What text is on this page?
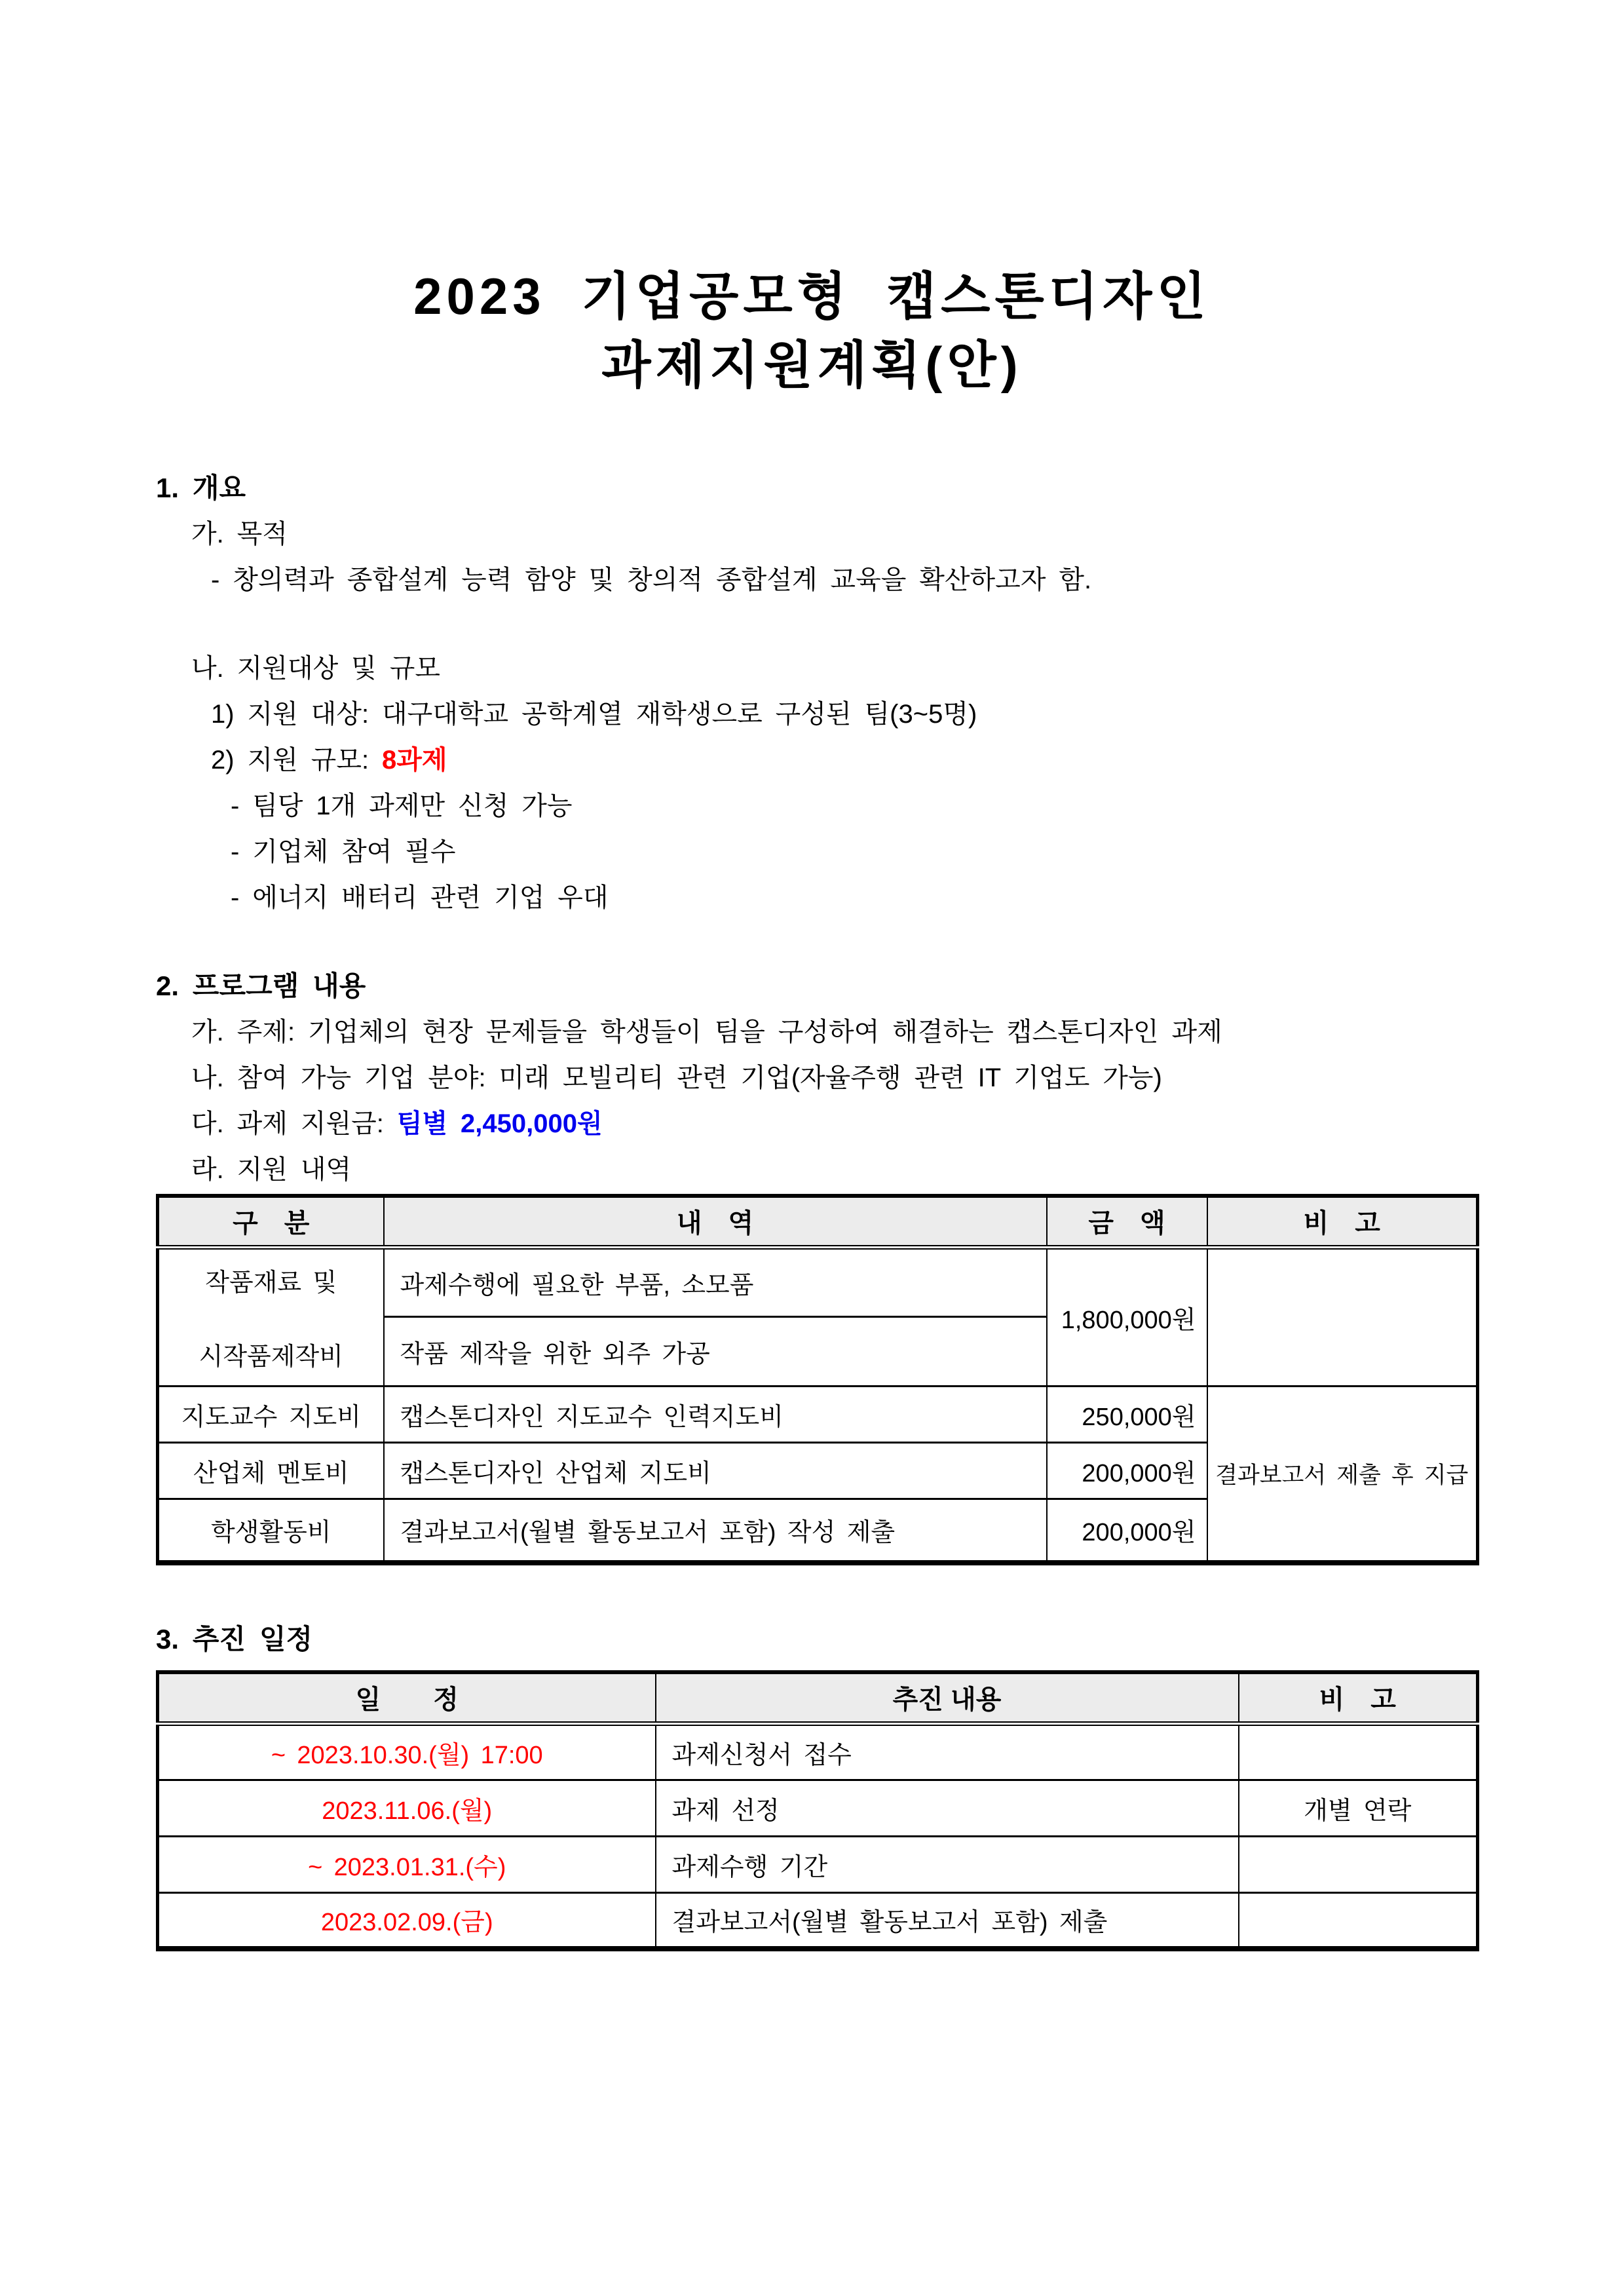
2023 기업공모형 캡스톤디자인
과제지원계획(안)
1. 개요
가. 목적
- 창의력과 종합설계 능력 함양 및 창의적 종합설계 교육을 확산하고자 함.
나. 지원대상 및 규모
1) 지원 대상: 대구대학교 공학계열 재학생으로 구성된 팀(3~5명)
2) 지원 규모: 8과제
- 팀당 1개 과제만 신청 가능
- 기업체 참여 필수
- 에너지 배터리 관련 기업 우대
2. 프로그램 내용
가. 주제: 기업체의 현장 문제들을 학생들이 팀을 구성하여 해결하는 캡스톤디자인 과제
나. 참여 가능 기업 분야: 미래 모빌리티 관련 기업(자율주행 관련 IT 기업도 가능)
다. 과제 지원금: 팀별 2,450,000원
라. 지원 내역
구　분	내　역	금　액	비　고

작품재료 및
시작품제작비	과제수행에 필요한 부품, 소모품	1,800,000원	
	작품 제작을 위한 외주 가공		
지도교수 지도비	캡스톤디자인 지도교수 인력지도비	250,000원	결과보고서 제출 후 지급
산업체 멘토비	캡스톤디자인 산업체 지도비	200,000원	
학생활동비	결과보고서(월별 활동보고서 포함) 작성 제출	200,000원	
3. 추진 일정
일　　정	추진 내용	비　고
~ 2023.10.30.(월) 17:00	과제신청서 접수	
2023.11.06.(월)	과제 선정	개별 연락
~ 2023.01.31.(수)	과제수행 기간	
2023.02.09.(금)	결과보고서(월별 활동보고서 포함) 제출	
